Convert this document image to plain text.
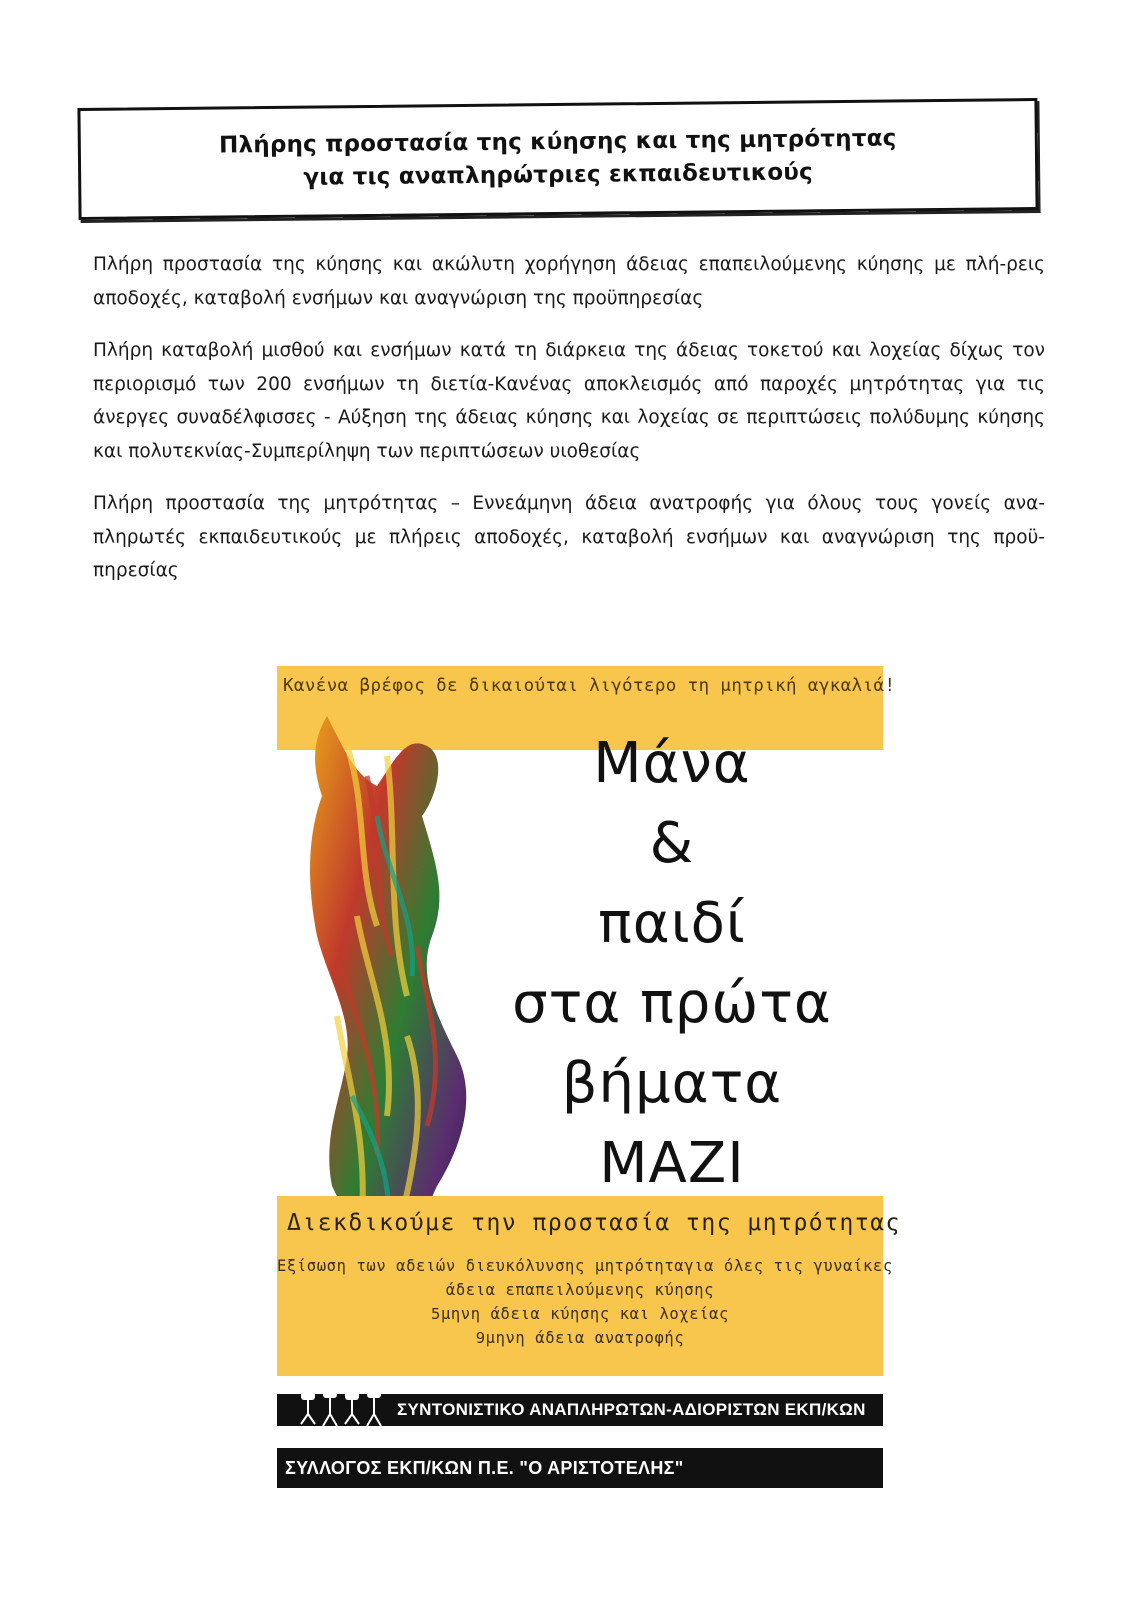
Πλήρης προστασία της κύησης και της μητρότητας
για τις αναπληρώτριες εκπαιδευτικούς
Πλήρη προστασία της κύησης και ακώλυτη χορήγηση άδειας επαπειλούμενης κύησης με πλή-ρεις αποδοχές, καταβολή ενσήμων και αναγνώριση της προϋπηρεσίας
Πλήρη καταβολή μισθού και ενσήμων κατά τη διάρκεια της άδειας τοκετού και λοχείας δίχως τον περιορισμό των 200 ενσήμων τη διετία-Κανένας αποκλεισμός από παροχές μητρότητας για τις άνεργες συναδέλφισσες - Αύξηση της άδειας κύησης και λοχείας σε περιπτώσεις πολύδυμης κύησης και πολυτεκνίας-Συμπερίληψη των περιπτώσεων υιοθεσίας
Πλήρη προστασία της μητρότητας – Εννεάμηνη άδεια ανατροφής για όλους τους γονείς ανα-πληρωτές εκπαιδευτικούς με πλήρεις αποδοχές, καταβολή ενσήμων και αναγνώριση της προϋ-πηρεσίας
Κανένα βρέφος δε δικαιούται λιγότερο τη μητρική αγκαλιά!
Μάνα
&
παιδί
στα πρώτα
βήματα
ΜΑΖΙ
Διεκδικούμε την προστασία της μητρότητας
Εξίσωση των αδειών διευκόλυνσης μητρότηταγια όλες τις γυναίκες
άδεια επαπειλούμενης κύησης
5μηνη άδεια κύησης και λοχείας
9μηνη άδεια ανατροφής
ΣΥΝΤΟΝΙΣΤΙΚΟ ΑΝΑΠΛΗΡΩΤΩΝ-ΑΔΙΟΡΙΣΤΩΝ ΕΚΠ/ΚΩΝ
ΣΥΛΛΟΓΟΣ ΕΚΠ/ΚΩΝ Π.Ε. "Ο ΑΡΙΣΤΟΤΕΛΗΣ"
